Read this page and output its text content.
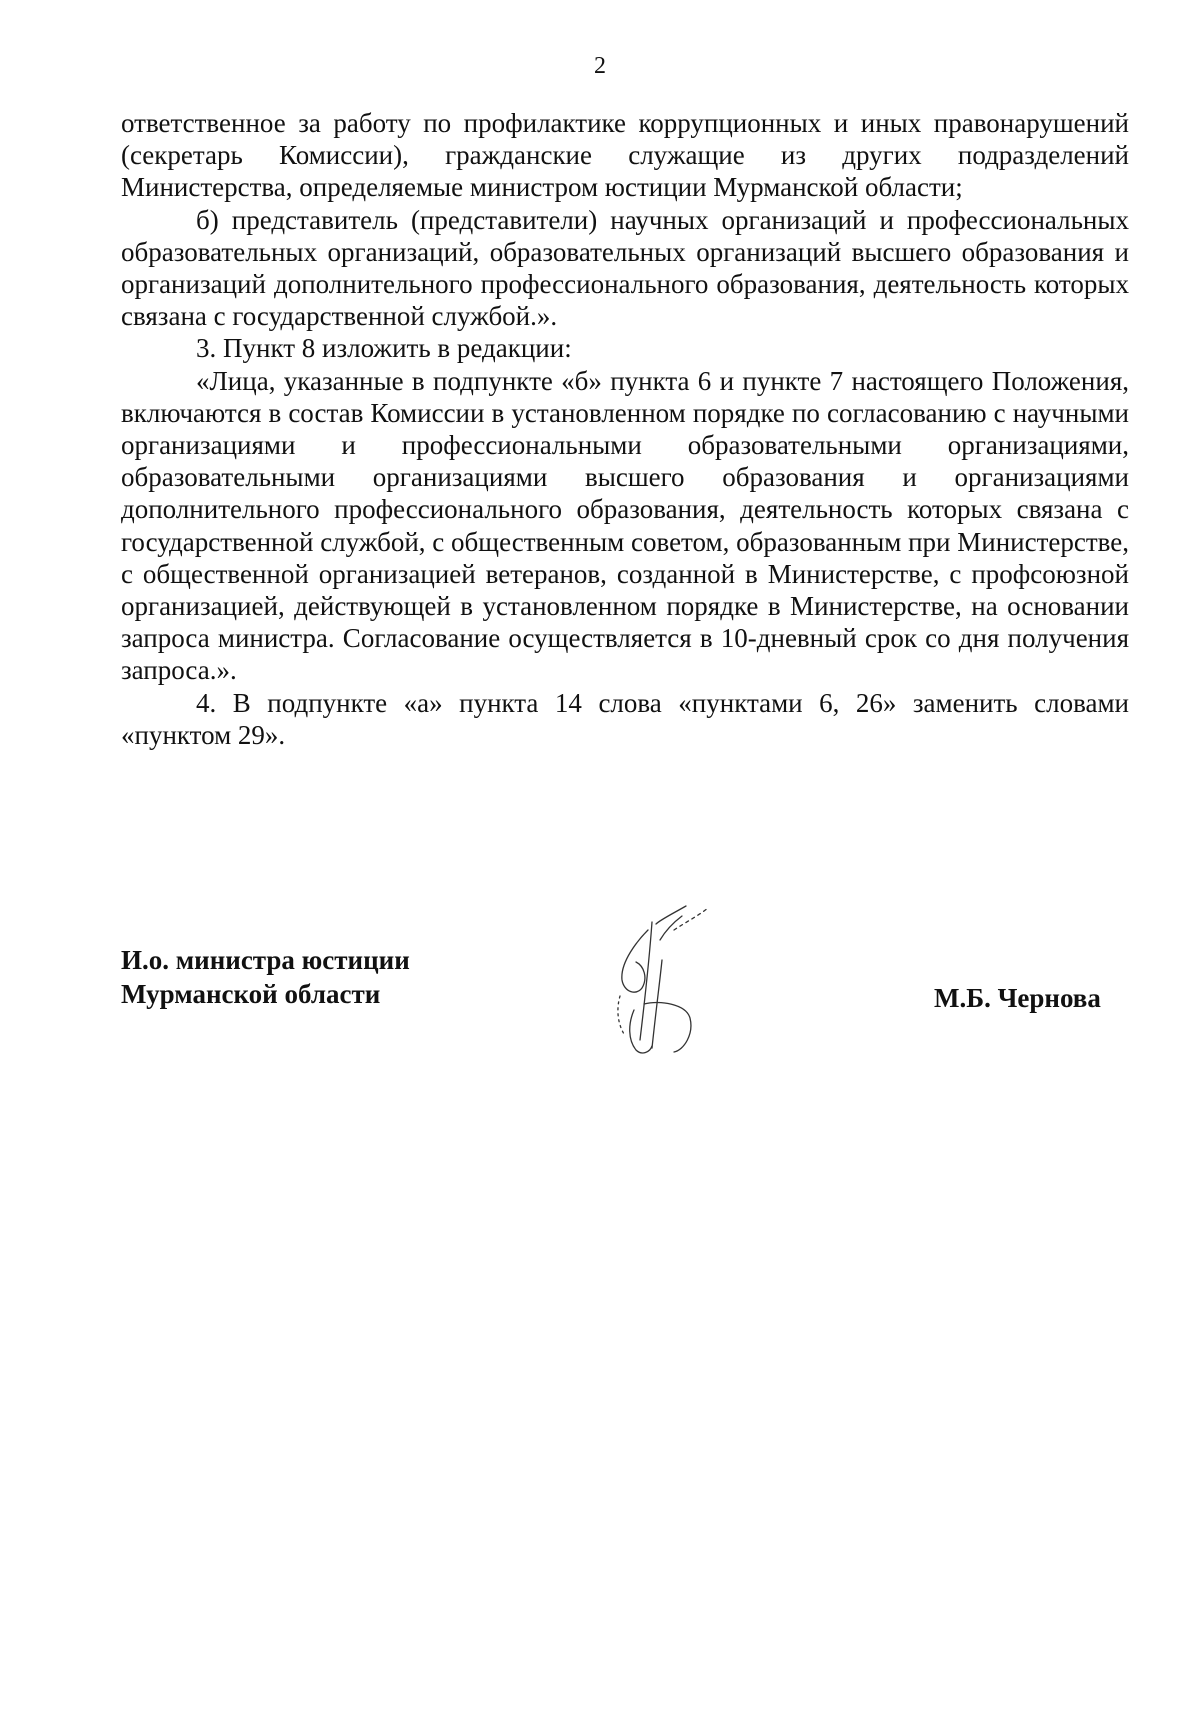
2

ответственное за работу по профилактике коррупционных и иных правонарушений (секретарь Комиссии), гражданские служащие из других подразделений Министерства, определяемые министром юстиции Мурманской области;

б) представитель (представители) научных организаций и профессиональных образовательных организаций, образовательных организаций высшего образования и организаций дополнительного профессионального образования, деятельность которых связана с государственной службой.».

3. Пункт 8 изложить в редакции:

«Лица, указанные в подпункте «б» пункта 6 и пункте 7 настоящего Положения, включаются в состав Комиссии в установленном порядке по согласованию с научными организациями и профессиональными образовательными организациями, образовательными организациями высшего образования и организациями дополнительного профессионального образования, деятельность которых связана с государственной службой, с общественным советом, образованным при Министерстве, с общественной организацией ветеранов, созданной в Министерстве, с профсоюзной организацией, действующей в установленном порядке в Министерстве, на основании запроса министра. Согласование осуществляется в 10-дневный срок со дня получения запроса.».

4. В подпункте «а» пункта 14 слова «пунктами 6, 26» заменить словами «пунктом 29».

И.о. министра юстиции
Мурманской области	М.Б. Чернова
